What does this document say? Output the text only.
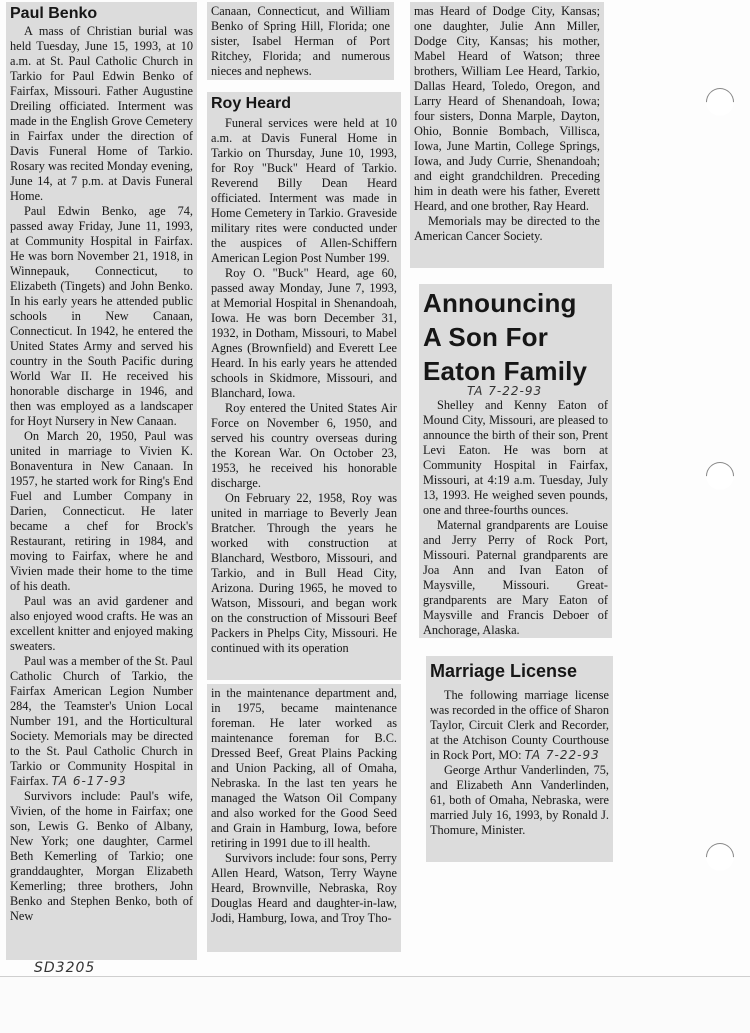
Paul Benko

A mass of Christian burial was held Tuesday, June 15, 1993, at 10 a.m. at St. Paul Catholic Church in Tarkio for Paul Edwin Benko of Fairfax, Missouri. Father Augustine Dreiling officiated. Interment was made in the English Grove Cemetery in Fairfax under the direction of Davis Funeral Home of Tarkio. Rosary was recited Monday evening, June 14, at 7 p.m. at Davis Funeral Home.

Paul Edwin Benko, age 74, passed away Friday, June 11, 1993, at Community Hospital in Fairfax. He was born November 21, 1918, in Winnepauk, Connecticut, to Elizabeth (Tingets) and John Benko. In his early years he attended public schools in New Canaan, Connecticut. In 1942, he entered the United States Army and served his country in the South Pacific during World War II. He received his honorable discharge in 1946, and then was employed as a landscaper for Hoyt Nursery in New Canaan.

On March 20, 1950, Paul was united in marriage to Vivien K. Bonaventura in New Canaan. In 1957, he started work for Ring's End Fuel and Lumber Company in Darien, Connecticut. He later became a chef for Brock's Restaurant, retiring in 1984, and moving to Fairfax, where he and Vivien made their home to the time of his death.

Paul was an avid gardener and also enjoyed wood crafts. He was an excellent knitter and enjoyed making sweaters.

Paul was a member of the St. Paul Catholic Church of Tarkio, the Fairfax American Legion Number 284, the Teamster's Union Local Number 191, and the Horticultural Society. Memorials may be directed to the St. Paul Catholic Church in Tarkio or Community Hospital in Fairfax. TA 6-17-93

Survivors include: Paul's wife, Vivien, of the home in Fairfax; one son, Lewis G. Benko of Albany, New York; one daughter, Carmel Beth Kemerling of Tarkio; one granddaughter, Morgan Elizabeth Kemerling; three brothers, John Benko and Stephen Benko, both of New

Canaan, Connecticut, and William Benko of Spring Hill, Florida; one sister, Isabel Herman of Port Ritchey, Florida; and numerous nieces and nephews.

Roy Heard

Funeral services were held at 10 a.m. at Davis Funeral Home in Tarkio on Thursday, June 10, 1993, for Roy "Buck" Heard of Tarkio. Reverend Billy Dean Heard officiated. Interment was made in Home Cemetery in Tarkio. Graveside military rites were conducted under the auspices of Allen-Schiffern American Legion Post Number 199.

Roy O. "Buck" Heard, age 60, passed away Monday, June 7, 1993, at Memorial Hospital in Shenandoah, Iowa. He was born December 31, 1932, in Dotham, Missouri, to Mabel Agnes (Brownfield) and Everett Lee Heard. In his early years he attended schools in Skidmore, Missouri, and Blanchard, Iowa.

Roy entered the United States Air Force on November 6, 1950, and served his country overseas during the Korean War. On October 23, 1953, he received his honorable discharge.

On February 22, 1958, Roy was united in marriage to Beverly Jean Bratcher. Through the years he worked with construction at Blanchard, Westboro, Missouri, and Tarkio, and in Bull Head City, Arizona. During 1965, he moved to Watson, Missouri, and began work on the construction of Missouri Beef Packers in Phelps City, Missouri. He continued with its operation

in the maintenance department and, in 1975, became maintenance foreman. He later worked as maintenance foreman for B.C. Dressed Beef, Great Plains Packing and Union Packing, all of Omaha, Nebraska. In the last ten years he managed the Watson Oil Company and also worked for the Good Seed and Grain in Hamburg, Iowa, before retiring in 1991 due to ill health.

Survivors include: four sons, Perry Allen Heard, Watson, Terry Wayne Heard, Brownville, Nebraska, Roy Douglas Heard and daughter-in-law, Jodi, Hamburg, Iowa, and Troy Tho-

mas Heard of Dodge City, Kansas; one daughter, Julie Ann Miller, Dodge City, Kansas; his mother, Mabel Heard of Watson; three brothers, William Lee Heard, Tarkio, Dallas Heard, Toledo, Oregon, and Larry Heard of Shenandoah, Iowa; four sisters, Donna Marple, Dayton, Ohio, Bonnie Bombach, Villisca, Iowa, June Martin, College Springs, Iowa, and Judy Currie, Shenandoah; and eight grandchildren. Preceding him in death were his father, Everett Heard, and one brother, Ray Heard.

Memorials may be directed to the American Cancer Society.

Announcing
A Son For
Eaton Family
TA 7-22-93

Shelley and Kenny Eaton of Mound City, Missouri, are pleased to announce the birth of their son, Prent Levi Eaton. He was born at Community Hospital in Fairfax, Missouri, at 4:19 a.m. Tuesday, July 13, 1993. He weighed seven pounds, one and three-fourths ounces.

Maternal grandparents are Louise and Jerry Perry of Rock Port, Missouri. Paternal grandparents are Joa Ann and Ivan Eaton of Maysville, Missouri. Great-grandparents are Mary Eaton of Maysville and Francis Deboer of Anchorage, Alaska.

Marriage License

The following marriage license was recorded in the office of Sharon Taylor, Circuit Clerk and Recorder, at the Atchison County Courthouse in Rock Port, MO: TA 7-22-93

George Arthur Vanderlinden, 75, and Elizabeth Ann Vanderlinden, 61, both of Omaha, Nebraska, were married July 16, 1993, by Ronald J. Thomure, Minister.

SD3205
